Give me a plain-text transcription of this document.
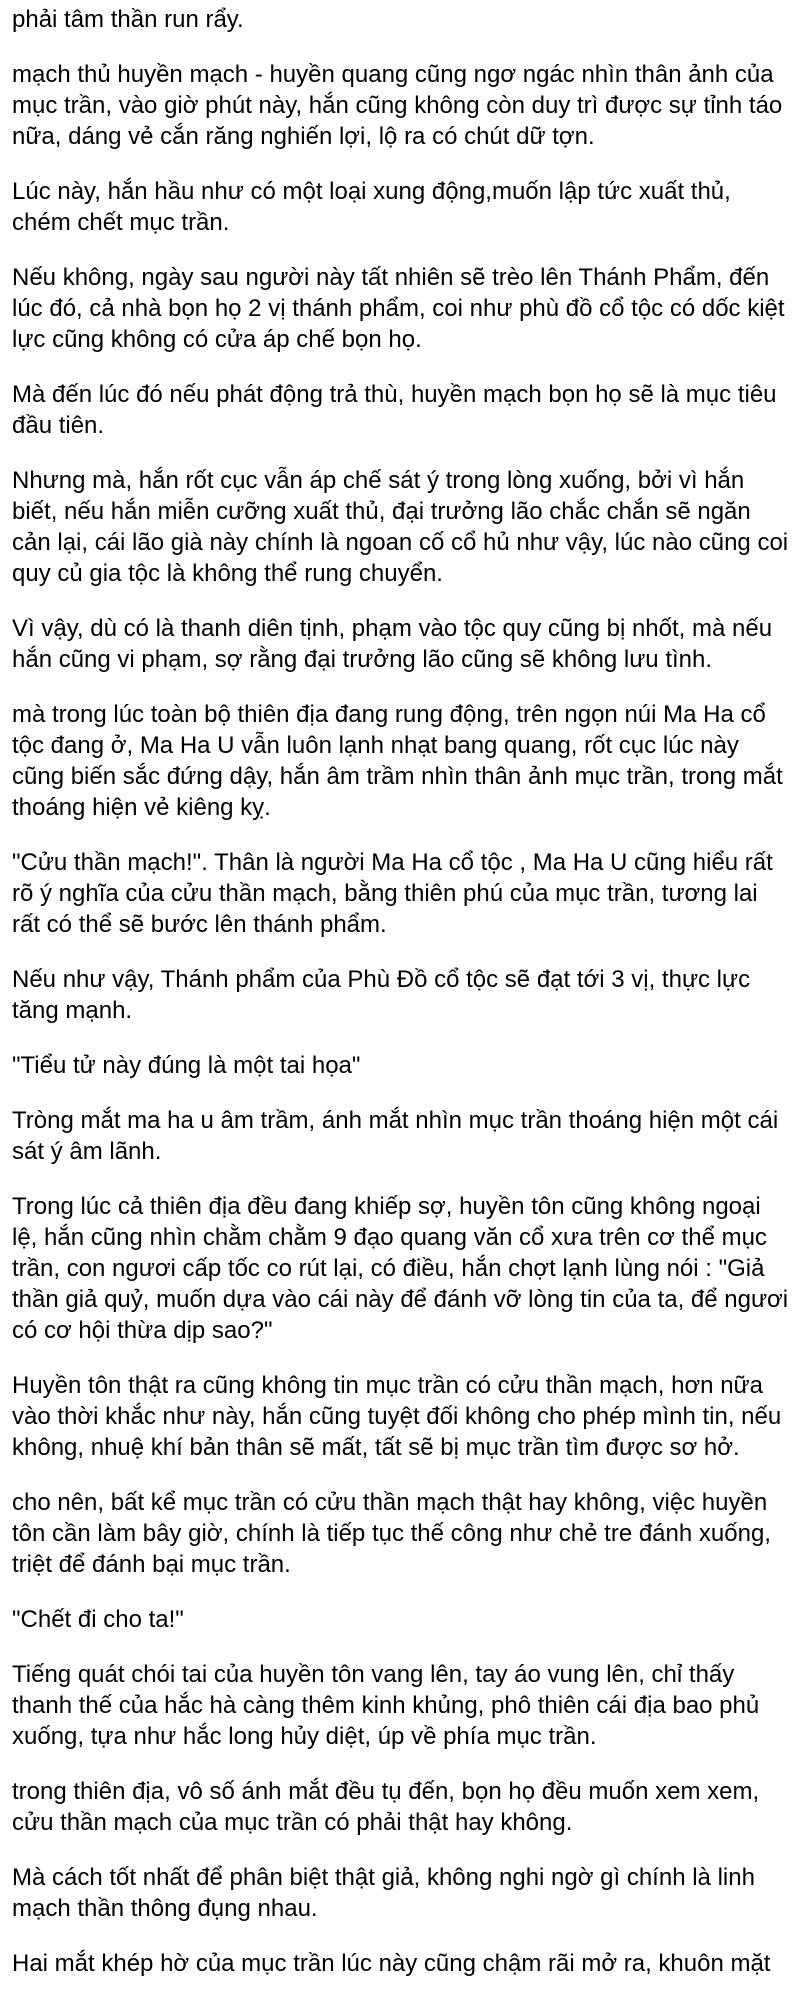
phải tâm thần run rẩy.

mạch thủ huyền mạch - huyền quang cũng ngơ ngác nhìn thân ảnh của mục trần, vào giờ phút này, hắn cũng không còn duy trì được sự tỉnh táo nữa, dáng vẻ cắn răng nghiến lợi, lộ ra có chút dữ tợn.

Lúc này, hắn hầu như có một loại xung động,muốn lập tức xuất thủ, chém chết mục trần.

Nếu không, ngày sau người này tất nhiên sẽ trèo lên Thánh Phẩm, đến lúc đó, cả nhà bọn họ 2 vị thánh phẩm, coi như phù đồ cổ tộc có dốc kiệt lực cũng không có cửa áp chế bọn họ.

Mà đến lúc đó nếu phát động trả thù, huyền mạch bọn họ sẽ là mục tiêu đầu tiên.

Nhưng mà, hắn rốt cục vẫn áp chế sát ý trong lòng xuống, bởi vì hắn biết, nếu hắn miễn cưỡng xuất thủ, đại trưởng lão chắc chắn sẽ ngăn cản lại, cái lão già này chính là ngoan cố cổ hủ như vậy, lúc nào cũng coi quy củ gia tộc là không thể rung chuyển.

Vì vậy, dù có là thanh diên tịnh, phạm vào tộc quy cũng bị nhốt, mà nếu hắn cũng vi phạm, sợ rằng đại trưởng lão cũng sẽ không lưu tình.

mà trong lúc toàn bộ thiên địa đang rung động, trên ngọn núi Ma Ha cổ tộc đang ở, Ma Ha U vẫn luôn lạnh nhạt bang quang, rốt cục lúc này cũng biến sắc đứng dậy, hắn âm trầm nhìn thân ảnh mục trần, trong mắt thoáng hiện vẻ kiêng kỵ.

"Cửu thần mạch!". Thân là người Ma Ha cổ tộc , Ma Ha U cũng hiểu rất rõ ý nghĩa của cửu thần mạch, bằng thiên phú của mục trần, tương lai rất có thể sẽ bước lên thánh phẩm.

Nếu như vậy, Thánh phẩm của Phù Đồ cổ tộc sẽ đạt tới 3 vị, thực lực tăng mạnh.

"Tiểu tử này đúng là một tai họa"

Tròng mắt ma ha u âm trầm, ánh mắt nhìn mục trần thoáng hiện một cái sát ý âm lãnh.

Trong lúc cả thiên địa đều đang khiếp sợ, huyền tôn cũng không ngoại lệ, hắn cũng nhìn chằm chằm 9 đạo quang văn cổ xưa trên cơ thể mục trần, con ngươi cấp tốc co rút lại, có điều, hắn chợt lạnh lùng nói : "Giả thần giả quỷ, muốn dựa vào cái này để đánh vỡ lòng tin của ta, để ngươi có cơ hội thừa dịp sao?"

Huyền tôn thật ra cũng không tin mục trần có cửu thần mạch, hơn nữa vào thời khắc như này, hắn cũng tuyệt đối không cho phép mình tin, nếu không, nhuệ khí bản thân sẽ mất, tất sẽ bị mục trần tìm được sơ hở.

cho nên, bất kể mục trần có cửu thần mạch thật hay không, việc huyền tôn cần làm bây giờ, chính là tiếp tục thế công như chẻ tre đánh xuống, triệt để đánh bại mục trần.

"Chết đi cho ta!"

Tiếng quát chói tai của huyền tôn vang lên, tay áo vung lên, chỉ thấy thanh thế của hắc hà càng thêm kinh khủng, phô thiên cái địa bao phủ xuống, tựa như hắc long hủy diệt, úp về phía mục trần.

trong thiên địa, vô số ánh mắt đều tụ đến, bọn họ đều muốn xem xem, cửu thần mạch của mục trần có phải thật hay không.

Mà cách tốt nhất để phân biệt thật giả, không nghi ngờ gì chính là linh mạch thần thông đụng nhau.

Hai mắt khép hờ của mục trần lúc này cũng chậm rãi mở ra, khuôn mặt
